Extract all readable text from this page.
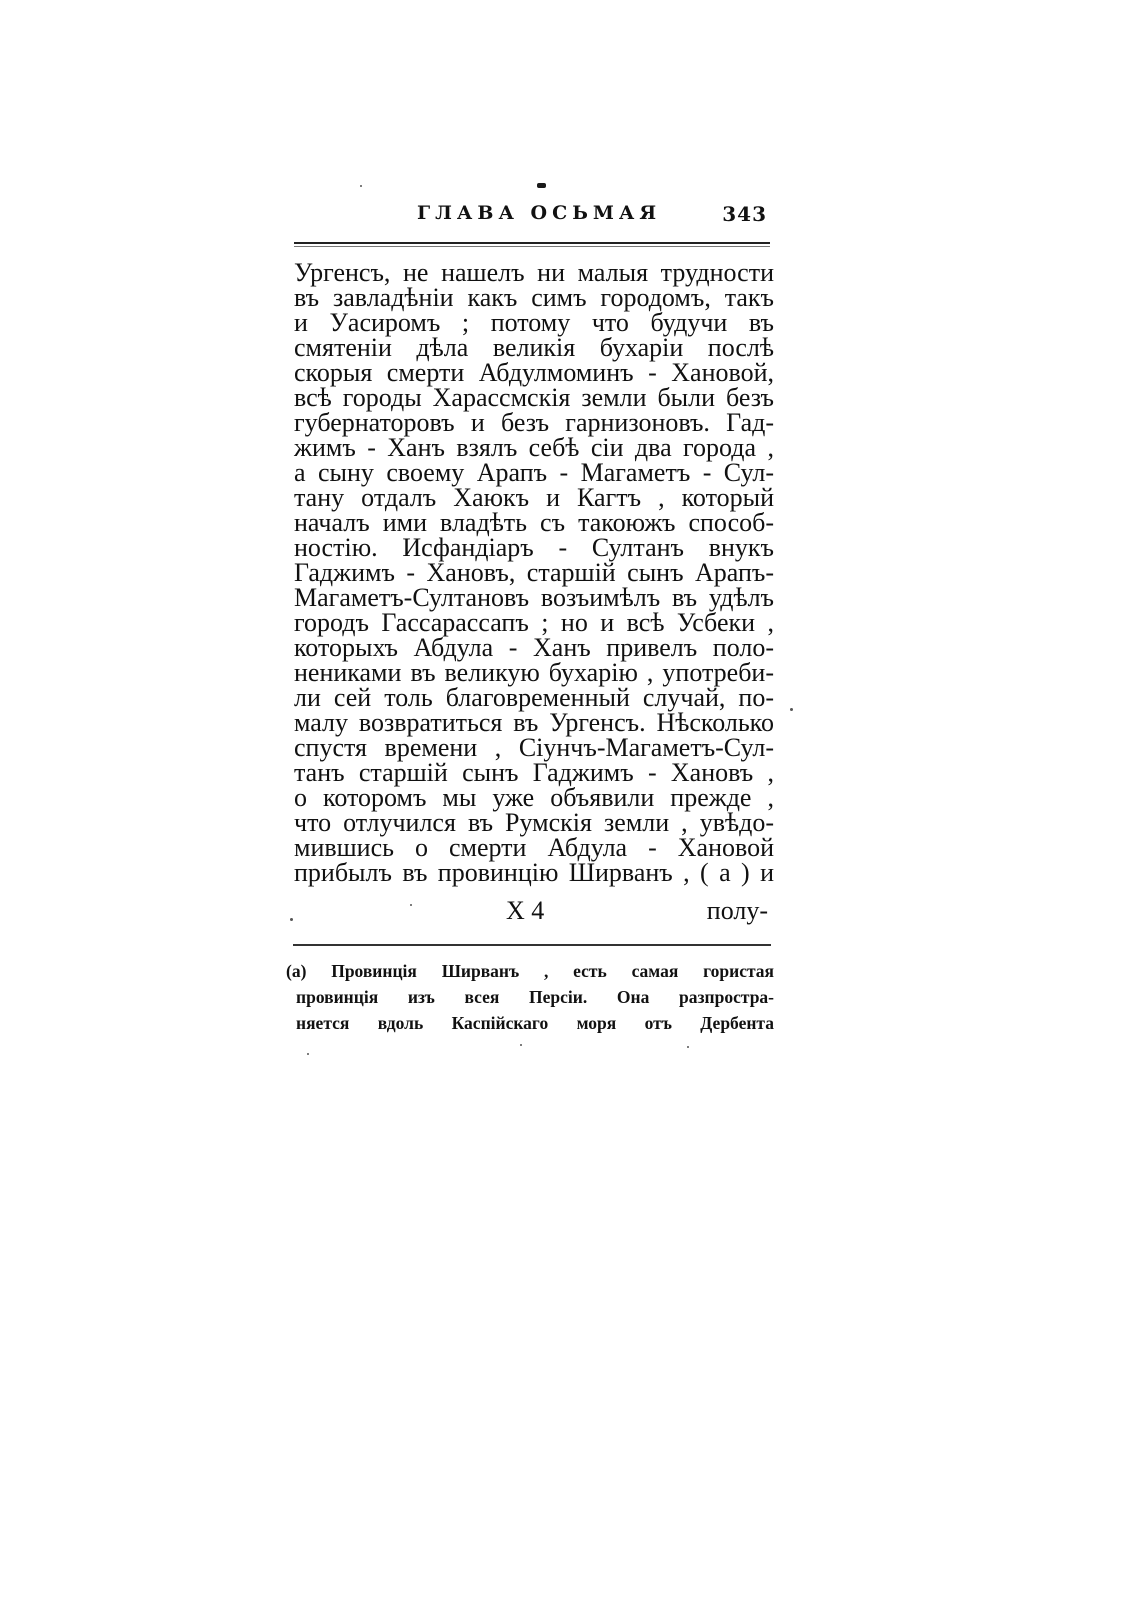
ГЛАВА ОСЬМАЯ	343
Ургенсъ, не нашелъ ни малыя трудности
въ завладѣніи какъ симъ городомъ, такъ
и Уасиромъ ; потому что будучи въ
смятеніи дѣла великія бухаріи послѣ
скорыя смерти Абдулмоминъ - Хановой,
всѣ городы Харассмскія земли были безъ
губернаторовъ и безъ гарнизоновъ. Гад-
жимъ - Ханъ взялъ себѣ сіи два города ,
а сыну своему Арапъ - Магаметъ - Сул-
тану отдалъ Хаюкъ и Кагтъ , который
началъ ими владѣть съ такоюжъ способ-
ностію. Исфандіаръ - Султанъ внукъ
Гаджимъ - Хановъ, старшій сынъ Арапъ-
Магаметъ-Султановъ возъимѣлъ въ удѣлъ
городъ Гассарассапъ ; но и всѣ Усбеки ,
которыхъ Абдула - Ханъ привелъ поло-
нениками въ великую бухарію , употреби-
ли сей толь благовременный случай, по-
малу возвратиться въ Ургенсъ. Нѣсколько
спустя времени , Сіунчъ-Магаметъ-Сул-
танъ старшій сынъ Гаджимъ - Хановъ ,
о которомъ мы уже объявили прежде ,
что отлучился въ Румскія земли , увѣдо-
мившись о смерти Абдула - Хановой
прибылъ въ провинцію Ширванъ , ( а ) и
X 4	полу-
(а) Провинція Ширванъ , есть самая гористая
провинція изъ всея Персіи. Она разпростра-
няется вдоль Каспійскаго моря отъ Дербента
